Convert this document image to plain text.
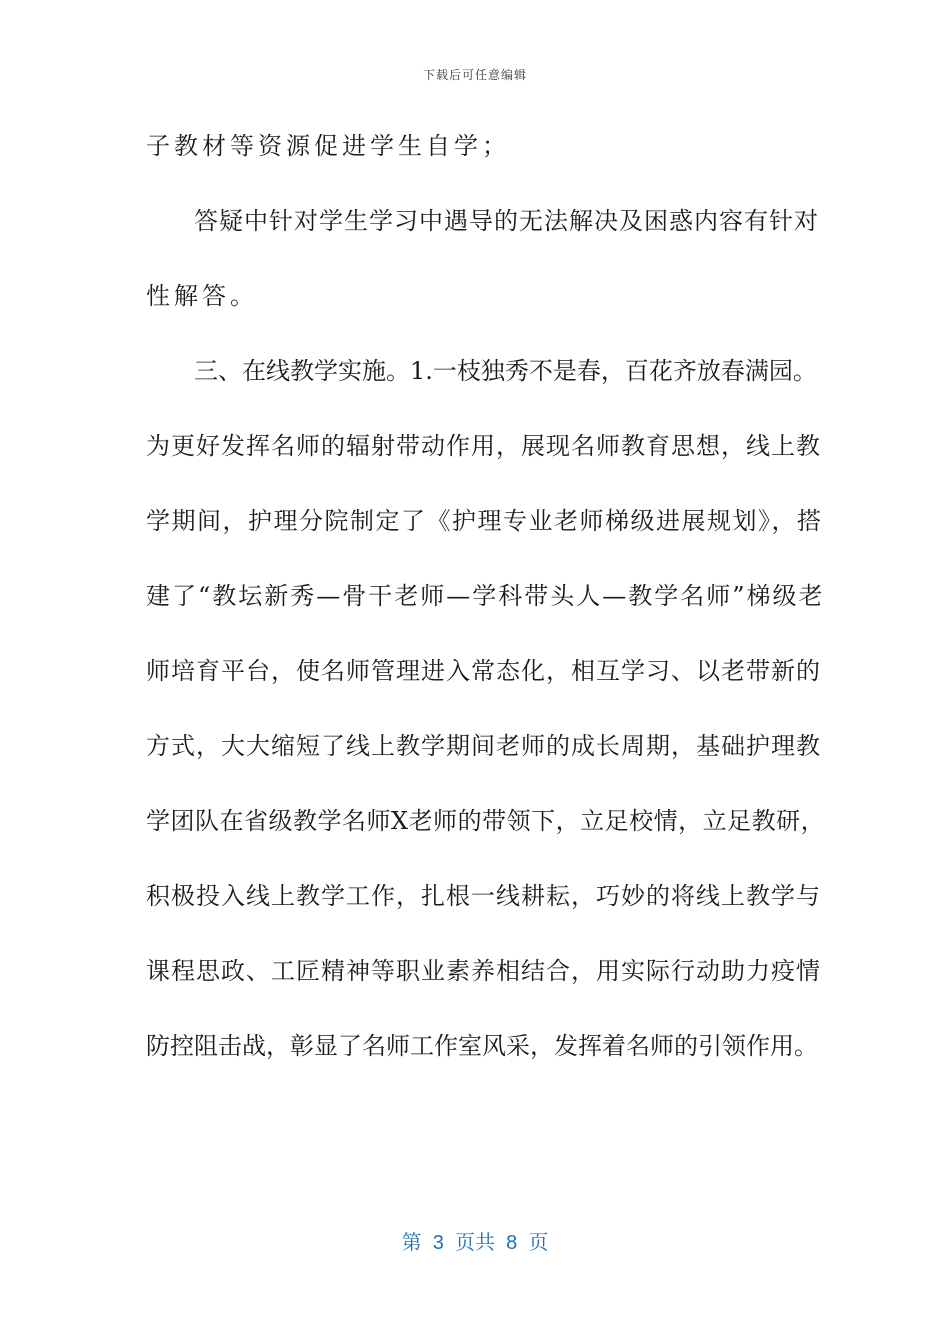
下载后可任意编辑
子教材等资源促进学生自学；
答疑中针对学生学习中遇导的无法解决及困惑内容有针对
性解答。
三、在线教学实施。1.一枝独秀不是春，百花齐放春满园。
为更好发挥名师的辐射带动作用，展现名师教育思想，线上教
学期间，护理分院制定了《护理专业老师梯级进展规划》，搭
建了“教坛新秀—骨干老师—学科带头人—教学名师”梯级老
师培育平台，使名师管理进入常态化，相互学习、以老带新的
方式，大大缩短了线上教学期间老师的成长周期，基础护理教
学团队在省级教学名师X老师的带领下，立足校情，立足教研，
积极投入线上教学工作，扎根一线耕耘，巧妙的将线上教学与
课程思政、工匠精神等职业素养相结合，用实际行动助力疫情
防控阻击战，彰显了名师工作室风采，发挥着名师的引领作用。
第  3  页共  8  页
